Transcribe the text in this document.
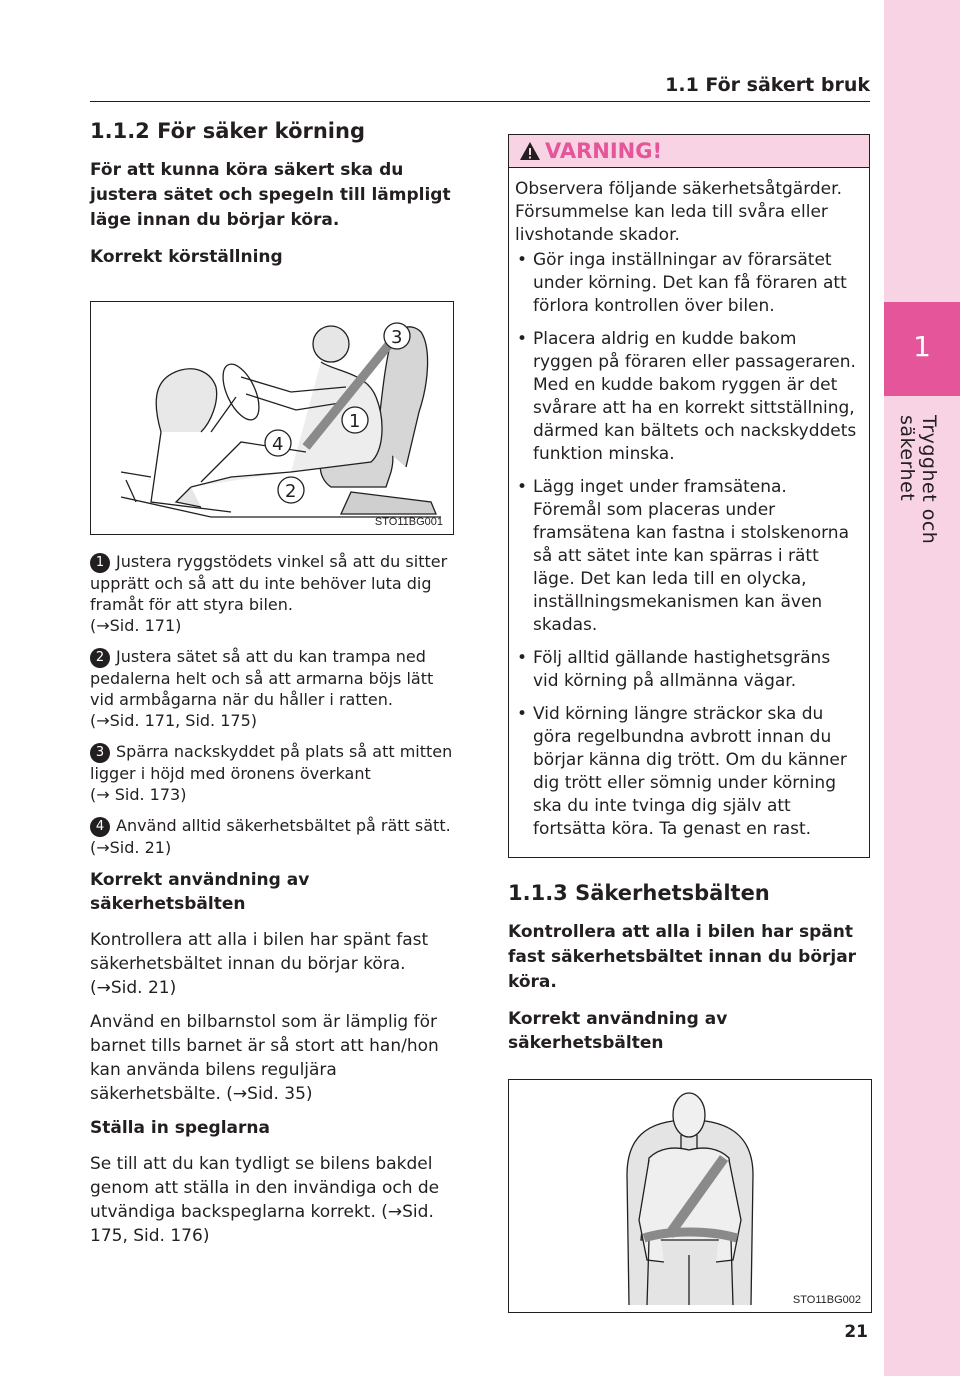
1
Trygghet och säkerhet
1.1 För säkert bruk
1.1.2 För säker körning
För att kunna köra säkert ska du justera sätet och spegeln till lämpligt läge innan du börjar köra.
Korrekt körställning
3
1
4
2
STO11BG001
1 Justera ryggstödets vinkel så att du sitter upprätt och så att du inte behöver luta dig framåt för att styra bilen.
(→Sid. 171)
2 Justera sätet så att du kan trampa ned pedalerna helt och så att armarna böjs lätt vid armbågarna när du håller i ratten.
(→Sid. 171, Sid. 175)
3 Spärra nackskyddet på plats så att mitten ligger i höjd med öronens överkant
(→ Sid. 173)
4 Använd alltid säkerhetsbältet på rätt sätt. (→Sid. 21)
Korrekt användning av säkerhetsbälten
Kontrollera att alla i bilen har spänt fast säkerhetsbältet innan du börjar köra. (→Sid. 21)
Använd en bilbarnstol som är lämplig för barnet tills barnet är så stort att han/hon kan använda bilens reguljära säkerhetsbälte. (→Sid. 35)
Ställa in speglarna
Se till att du kan tydligt se bilens bakdel genom att ställa in den invändiga och de utvändiga backspeglarna korrekt. (→Sid. 175, Sid. 176)
VARNING!
Observera följande säkerhetsåtgärder. Försummelse kan leda till svåra eller livshotande skador.
• Gör inga inställningar av förarsätet under körning. Det kan få föraren att förlora kontrollen över bilen.
• Placera aldrig en kudde bakom ryggen på föraren eller passageraren. Med en kudde bakom ryggen är det svårare att ha en korrekt sittställning, därmed kan bältets och nackskyddets funktion minska.
• Lägg inget under framsätena. Föremål som placeras under framsätena kan fastna i stolskenorna så att sätet inte kan spärras i rätt läge. Det kan leda till en olycka, inställningsmekanismen kan även skadas.
• Följ alltid gällande hastighetsgräns vid körning på allmänna vägar.
• Vid körning längre sträckor ska du göra regelbundna avbrott innan du börjar känna dig trött. Om du känner dig trött eller sömnig under körning ska du inte tvinga dig själv att fortsätta köra. Ta genast en rast.
1.1.3 Säkerhetsbälten
Kontrollera att alla i bilen har spänt fast säkerhetsbältet innan du börjar köra.
Korrekt användning av säkerhetsbälten
STO11BG002
21
